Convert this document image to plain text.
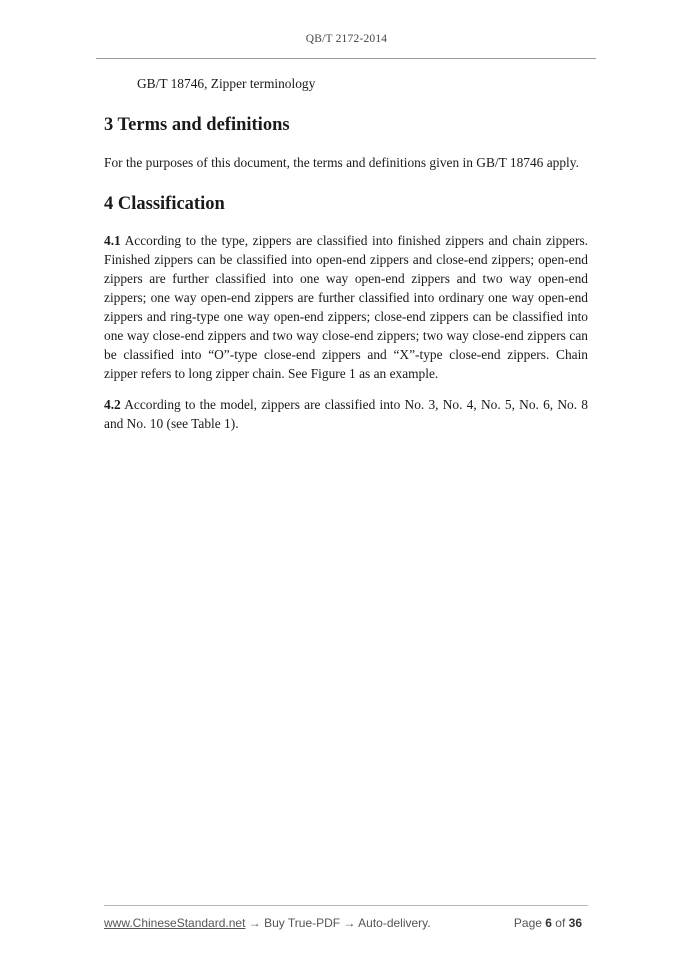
QB/T 2172-2014

GB/T 18746, Zipper terminology

3 Terms and definitions

For the purposes of this document, the terms and definitions given in GB/T 18746 apply.

4 Classification

4.1 According to the type, zippers are classified into finished zippers and chain zippers. Finished zippers can be classified into open-end zippers and close-end zippers; open-end zippers are further classified into one way open-end zippers and two way open-end zippers; one way open-end zippers are further classified into ordinary one way open-end zippers and ring-type one way open-end zippers; close-end zippers can be classified into one way close-end zippers and two way close-end zippers; two way close-end zippers can be classified into “O”-type close-end zippers and “X”-type close-end zippers. Chain zipper refers to long zipper chain. See Figure 1 as an example.

4.2 According to the model, zippers are classified into No. 3, No. 4, No. 5, No. 6, No. 8 and No. 10 (see Table 1).

www.ChineseStandard.net → Buy True-PDF → Auto-delivery.	Page 6 of 36
